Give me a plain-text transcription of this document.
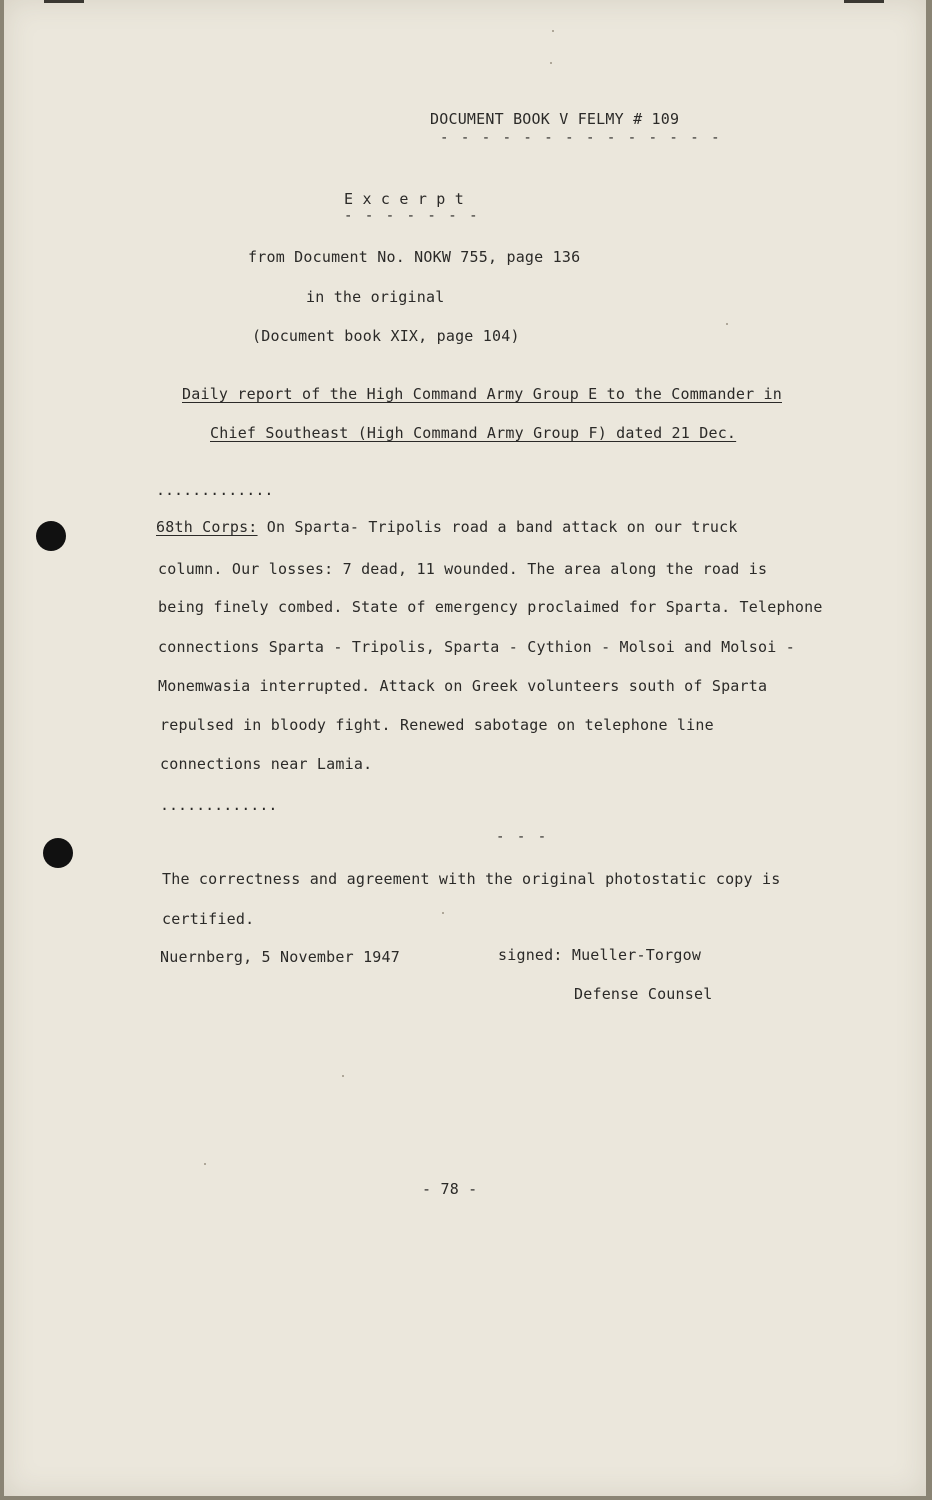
DOCUMENT BOOK V FELMY # 109
- - - - - - - - - - - - - -
E x c e r p t
- - - - - - -
from Document No. NOKW 755, page 136
in the original
(Document book XIX, page 104)
Daily report of the High Command Army Group E to the Commander in
Chief Southeast (High Command Army Group F) dated 21 Dec.
.............
68th Corps: On Sparta- Tripolis road a band attack on our truck
column. Our losses: 7 dead, 11 wounded. The area along the road is
being finely combed. State of emergency proclaimed for Sparta. Telephone
connections Sparta - Tripolis, Sparta - Cythion - Molsoi and Molsoi -
Monemwasia interrupted. Attack on Greek volunteers south of Sparta
repulsed in bloody fight. Renewed sabotage on telephone line
connections near Lamia.
.............
- - -
The correctness and agreement with the original photostatic copy is
certified.
Nuernberg, 5 November 1947	signed: Mueller-Torgow
Defense Counsel
- 78 -
